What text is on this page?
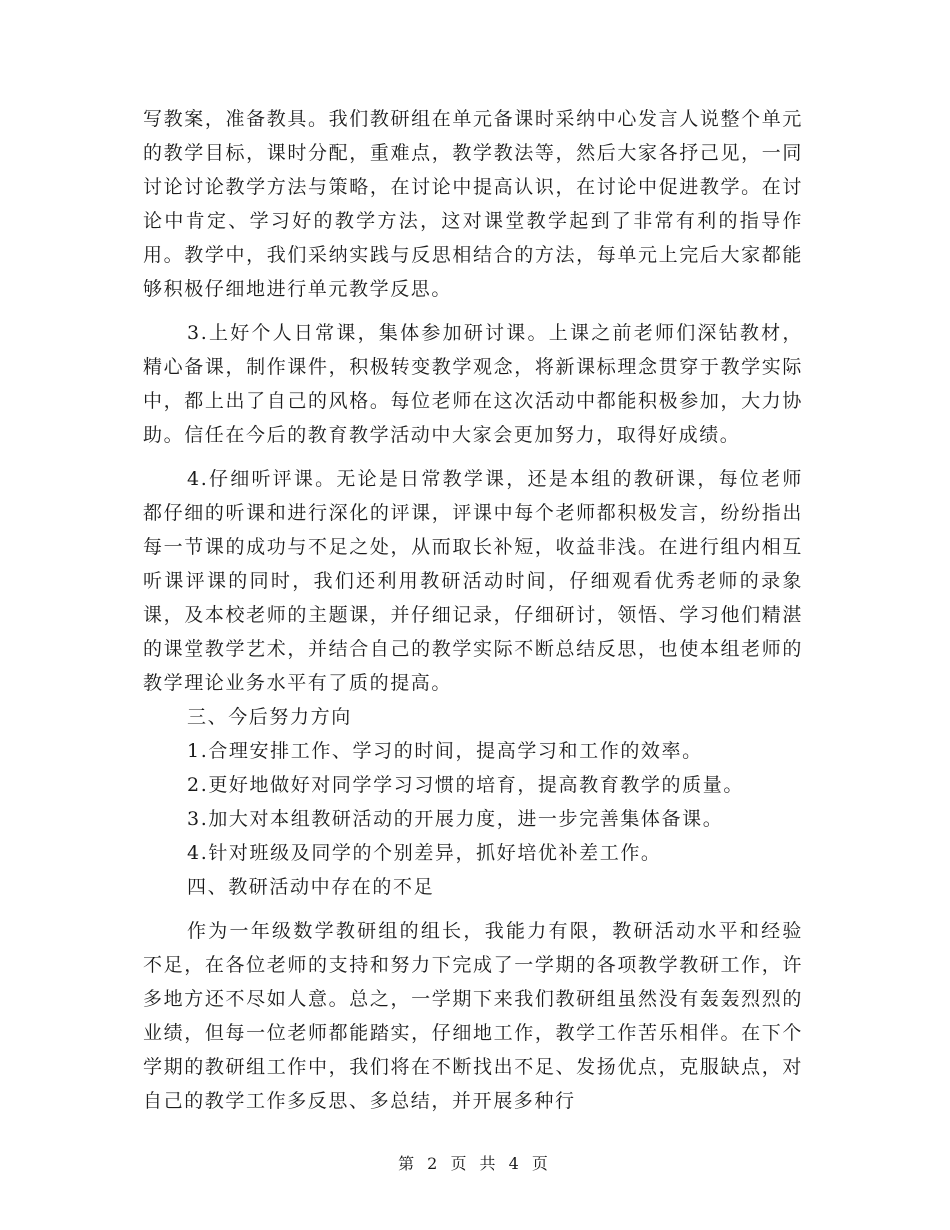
写教案，准备教具。我们教研组在单元备课时采纳中心发言人说整个单元的教学目标，课时分配，重难点，教学教法等，然后大家各抒己见，一同讨论讨论教学方法与策略，在讨论中提高认识，在讨论中促进教学。在讨论中肯定、学习好的教学方法，这对课堂教学起到了非常有利的指导作用。教学中，我们采纳实践与反思相结合的方法，每单元上完后大家都能够积极仔细地进行单元教学反思。

3.上好个人日常课，集体参加研讨课。上课之前老师们深钻教材，精心备课，制作课件，积极转变教学观念，将新课标理念贯穿于教学实际中，都上出了自己的风格。每位老师在这次活动中都能积极参加，大力协助。信任在今后的教育教学活动中大家会更加努力，取得好成绩。

4.仔细听评课。无论是日常教学课，还是本组的教研课，每位老师都仔细的听课和进行深化的评课，评课中每个老师都积极发言，纷纷指出每一节课的成功与不足之处，从而取长补短，收益非浅。在进行组内相互听课评课的同时，我们还利用教研活动时间，仔细观看优秀老师的录象课，及本校老师的主题课，并仔细记录，仔细研讨，领悟、学习他们精湛的课堂教学艺术，并结合自己的教学实际不断总结反思，也使本组老师的教学理论业务水平有了质的提高。

三、今后努力方向

1.合理安排工作、学习的时间，提高学习和工作的效率。

2.更好地做好对同学学习习惯的培育，提高教育教学的质量。

3.加大对本组教研活动的开展力度，进一步完善集体备课。

4.针对班级及同学的个别差异，抓好培优补差工作。

四、教研活动中存在的不足

作为一年级数学教研组的组长，我能力有限，教研活动水平和经验不足，在各位老师的支持和努力下完成了一学期的各项教学教研工作，许多地方还不尽如人意。总之，一学期下来我们教研组虽然没有轰轰烈烈的业绩，但每一位老师都能踏实，仔细地工作，教学工作苦乐相伴。在下个学期的教研组工作中，我们将在不断找出不足、发扬优点，克服缺点，对自己的教学工作多反思、多总结，并开展多种行

第 2 页 共 4 页
